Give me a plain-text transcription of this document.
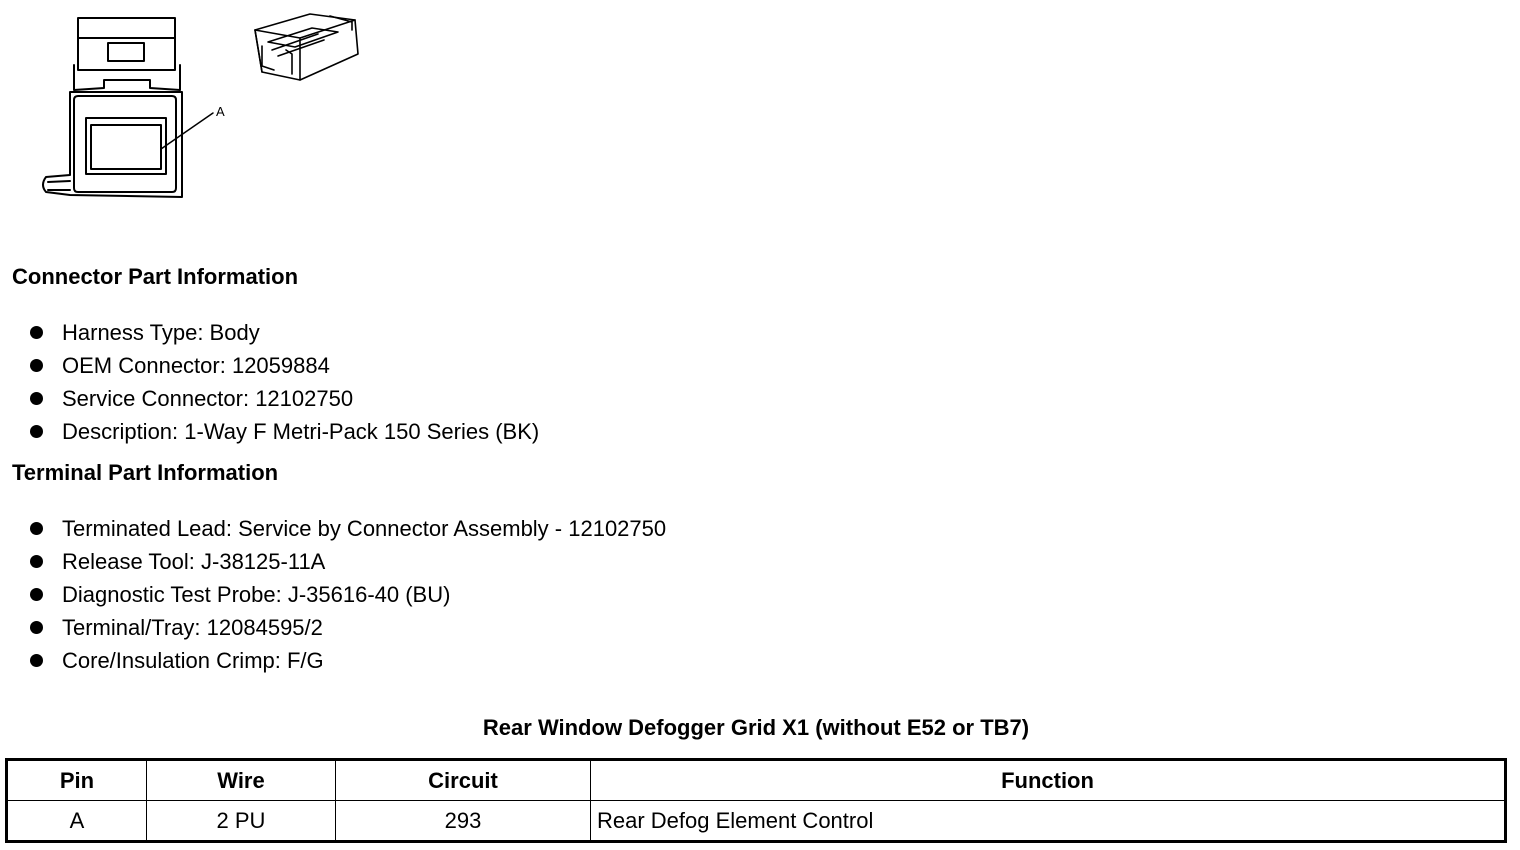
A
Connector Part Information
Harness Type: Body
OEM Connector: 12059884
Service Connector: 12102750
Description: 1-Way F Metri-Pack 150 Series (BK)
Terminal Part Information
Terminated Lead: Service by Connector Assembly - 12102750
Release Tool: J-38125-11A
Diagnostic Test Probe: J-35616-40 (BU)
Terminal/Tray: 12084595/2
Core/Insulation Crimp: F/G
Rear Window Defogger Grid X1 (without E52 or TB7)
Pin	Wire	Circuit	Function
A	2 PU	293	Rear Defog Element Control
